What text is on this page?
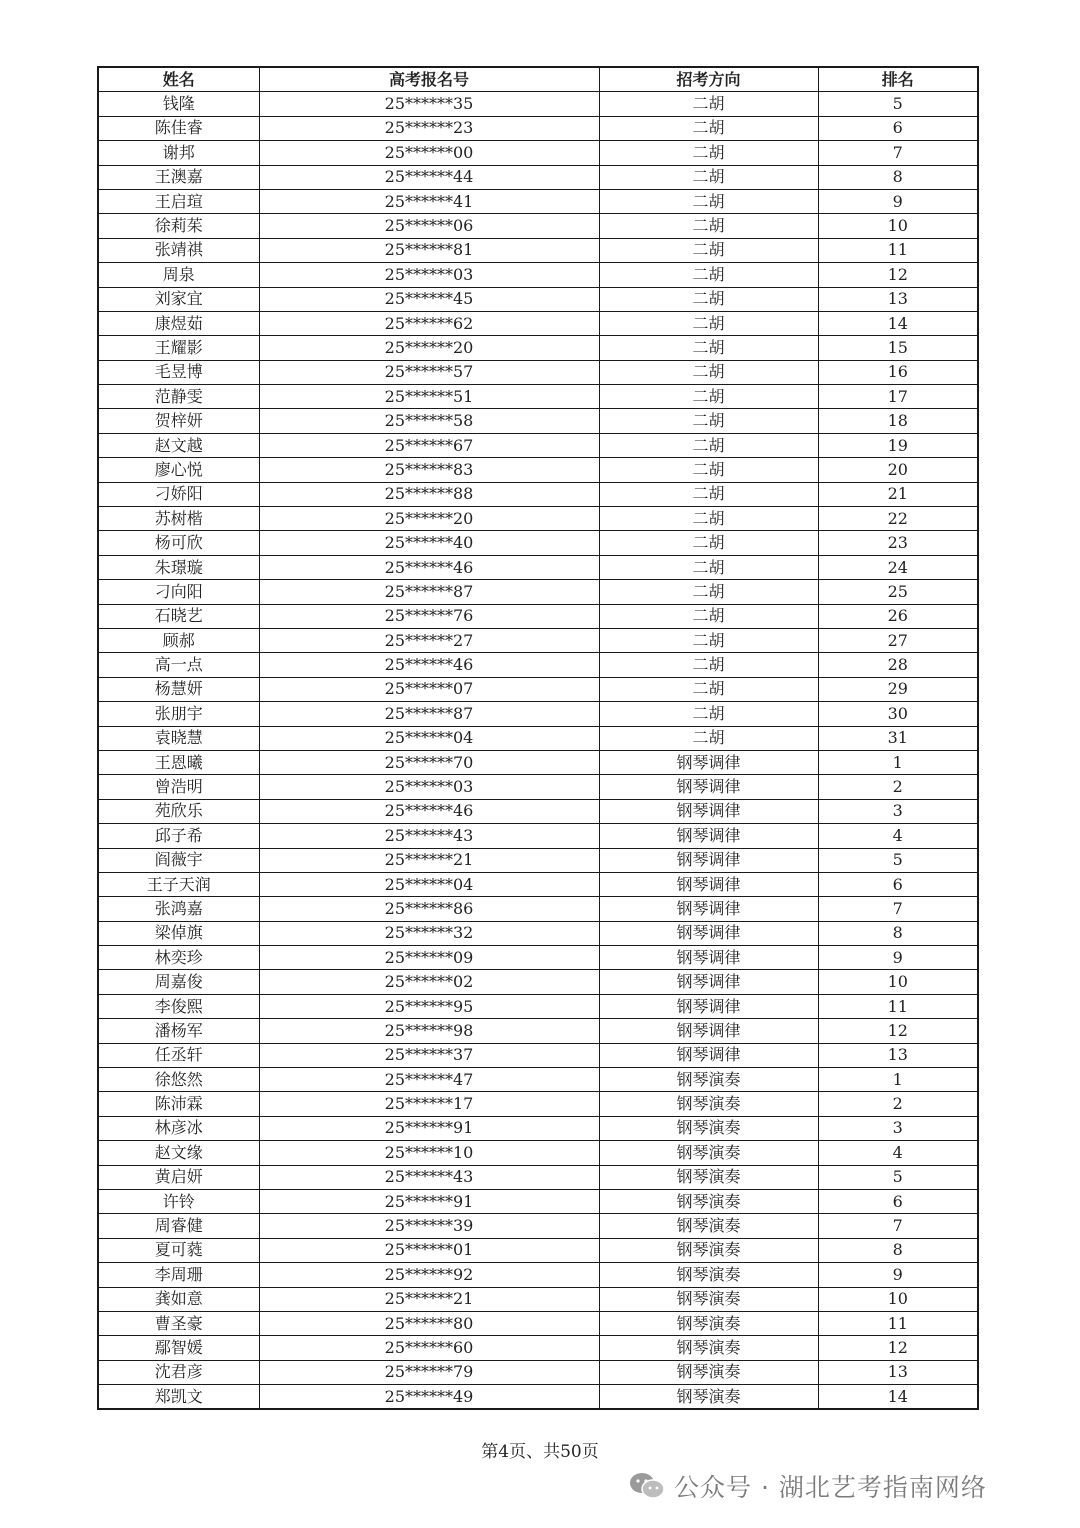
姓名	高考报名号	招考方向	排名
钱隆	25******35	二胡	5
陈佳睿	25******23	二胡	6
谢邦	25******00	二胡	7
王澳嘉	25******44	二胡	8
王启瑄	25******41	二胡	9
徐莉茱	25******06	二胡	10
张靖祺	25******81	二胡	11
周泉	25******03	二胡	12
刘家宜	25******45	二胡	13
康煜茹	25******62	二胡	14
王耀影	25******20	二胡	15
毛昱博	25******57	二胡	16
范静雯	25******51	二胡	17
贺梓妍	25******58	二胡	18
赵文越	25******67	二胡	19
廖心悦	25******83	二胡	20
刁娇阳	25******88	二胡	21
苏树楷	25******20	二胡	22
杨可欣	25******40	二胡	23
朱璟璇	25******46	二胡	24
刁向阳	25******87	二胡	25
石晓艺	25******76	二胡	26
顾郝	25******27	二胡	27
高一点	25******46	二胡	28
杨慧妍	25******07	二胡	29
张朋宇	25******87	二胡	30
袁晓慧	25******04	二胡	31
王恩曦	25******70	钢琴调律	1
曾浩明	25******03	钢琴调律	2
苑欣乐	25******46	钢琴调律	3
邱子希	25******43	钢琴调律	4
阎薇宇	25******21	钢琴调律	5
王子天润	25******04	钢琴调律	6
张鸿嘉	25******86	钢琴调律	7
梁倬旗	25******32	钢琴调律	8
林奕珍	25******09	钢琴调律	9
周嘉俊	25******02	钢琴调律	10
李俊熙	25******95	钢琴调律	11
潘杨军	25******98	钢琴调律	12
任丞轩	25******37	钢琴调律	13
徐悠然	25******47	钢琴演奏	1
陈沛霖	25******17	钢琴演奏	2
林彦冰	25******91	钢琴演奏	3
赵文缘	25******10	钢琴演奏	4
黄启妍	25******43	钢琴演奏	5
许铃	25******91	钢琴演奏	6
周睿健	25******39	钢琴演奏	7
夏可蕤	25******01	钢琴演奏	8
李周珊	25******92	钢琴演奏	9
龚如意	25******21	钢琴演奏	10
曹圣豪	25******80	钢琴演奏	11
鄢智媛	25******60	钢琴演奏	12
沈君彦	25******79	钢琴演奏	13
郑凯文	25******49	钢琴演奏	14
第4页、共50页
公众号 · 湖北艺考指南网络
